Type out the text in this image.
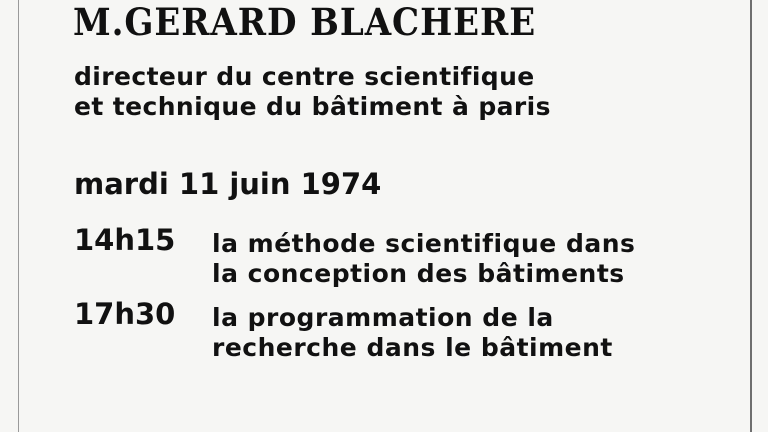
M.GERARD BLACHERE
directeur du centre scientifique
et technique du bâtiment à paris
mardi 11 juin 1974
14h15 la méthode scientifique dans
la conception des bâtiments
17h30 la programmation de la
recherche dans le bâtiment
